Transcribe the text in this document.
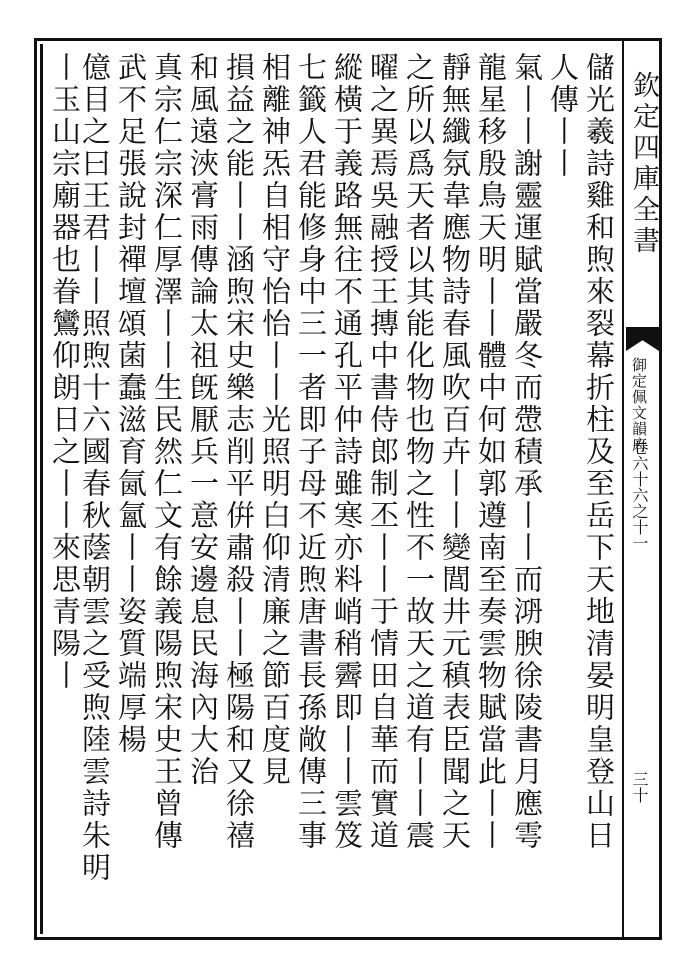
欽定四庫全書
御定佩文韻府
卷六十六之十一
三十
儲光羲詩雞和煦來裂幕折柱及至岳下天地清晏明皇登山日
人傳丨丨
氣丨丨謝靈運賦當嚴冬而慸積承丨丨而㳩腴徐陵書月應雩
龍星移殷鳥天明丨丨體中何如郭遵南至奏雲物賦當此丨丨
靜無纖氛韋應物詩春風吹百卉丨丨變閭井元稹表臣聞之天
之所以爲天者以其能化物也物之性不一故天之道有丨丨震
曜之異焉吳融授王摶中書侍郎制丕丨丨于情田自華而實道
縱橫于義路無往不通孔平仲詩雖寒亦料峭稍霽即丨丨雲笈
七籤人君能修身中三一者即子母不近煦唐書長孫敞傳三事
相離神炁自相守怡怡丨丨光照明白仰清廉之節百度見
損益之能丨丨涵煦宋史樂志削平倂肅殺丨丨極陽和又徐禧
和風遠浹膏雨傳論太祖旣厭兵一意安邊息民海內大治
真宗仁宗深仁厚澤丨丨生民然仁文有餘義陽煦宋史王曾傳
武不足張說封禪壇頌菌蠢滋育氤氳丨丨姿質端厚楊
億目之曰王君丨丨照煦十六國春秋蔭朝雲之受煦陸雲詩朱明
丨玉山宗廟器也眷鸞仰朗日之丨丨來思青陽丨
